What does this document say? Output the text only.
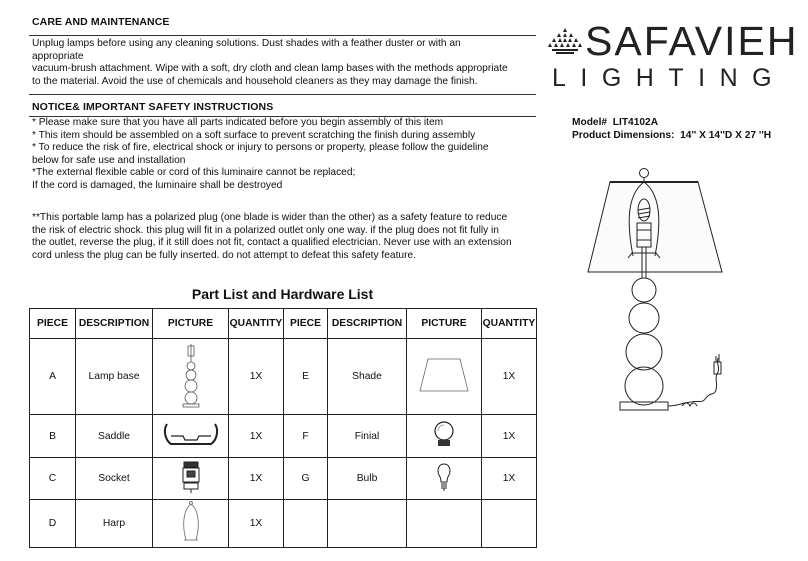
CARE AND MAINTENANCE
Unplug lamps before using any cleaning solutions. Dust shades with a feather duster or with an
appropriate
vacuum-brush attachment. Wipe with a soft, dry cloth and clean lamp bases with the methods appropriate
to the material. Avoid the use of chemicals and household cleaners as they may damage the finish.
NOTICE& IMPORTANT SAFETY INSTRUCTIONS
* Please make sure that you have all parts indicated before you begin assembly of this item
* This item should be assembled on a soft surface to prevent scratching the finish during assembly
* To reduce the risk of fire, electrical shock or injury to persons or property, please follow the guideline
below for safe use and installation
*The external flexible cable or cord of this luminaire cannot be replaced;
If the cord is damaged, the luminaire shall be destroyed
**This portable lamp has a polarized plug (one blade is wider than the other) as a safety feature to reduce
the risk of electric shock. this plug will fit in a polarized outlet only one way. if the plug does not fit fully in
the outlet, reverse the plug, if it still does not fit, contact a qualified electrician. Never use with an extension
cord unless the plug can be fully inserted. do not attempt to defeat this safety feature.
SAFAVIEH
LIGHTING
Model# LIT4102A
Product Dimensions: 14'' X 14''D X 27 ''H
Part List and Hardware List
PIECE	DESCRIPTION	PICTURE	QUANTITY	PIECE	DESCRIPTION	PICTURE	QUANTITY
A	Lamp base		1X	E	Shade		1X
B	Saddle		1X	F	Finial		1X
C	Socket		1X	G	Bulb		1X
D	Harp		1X				
